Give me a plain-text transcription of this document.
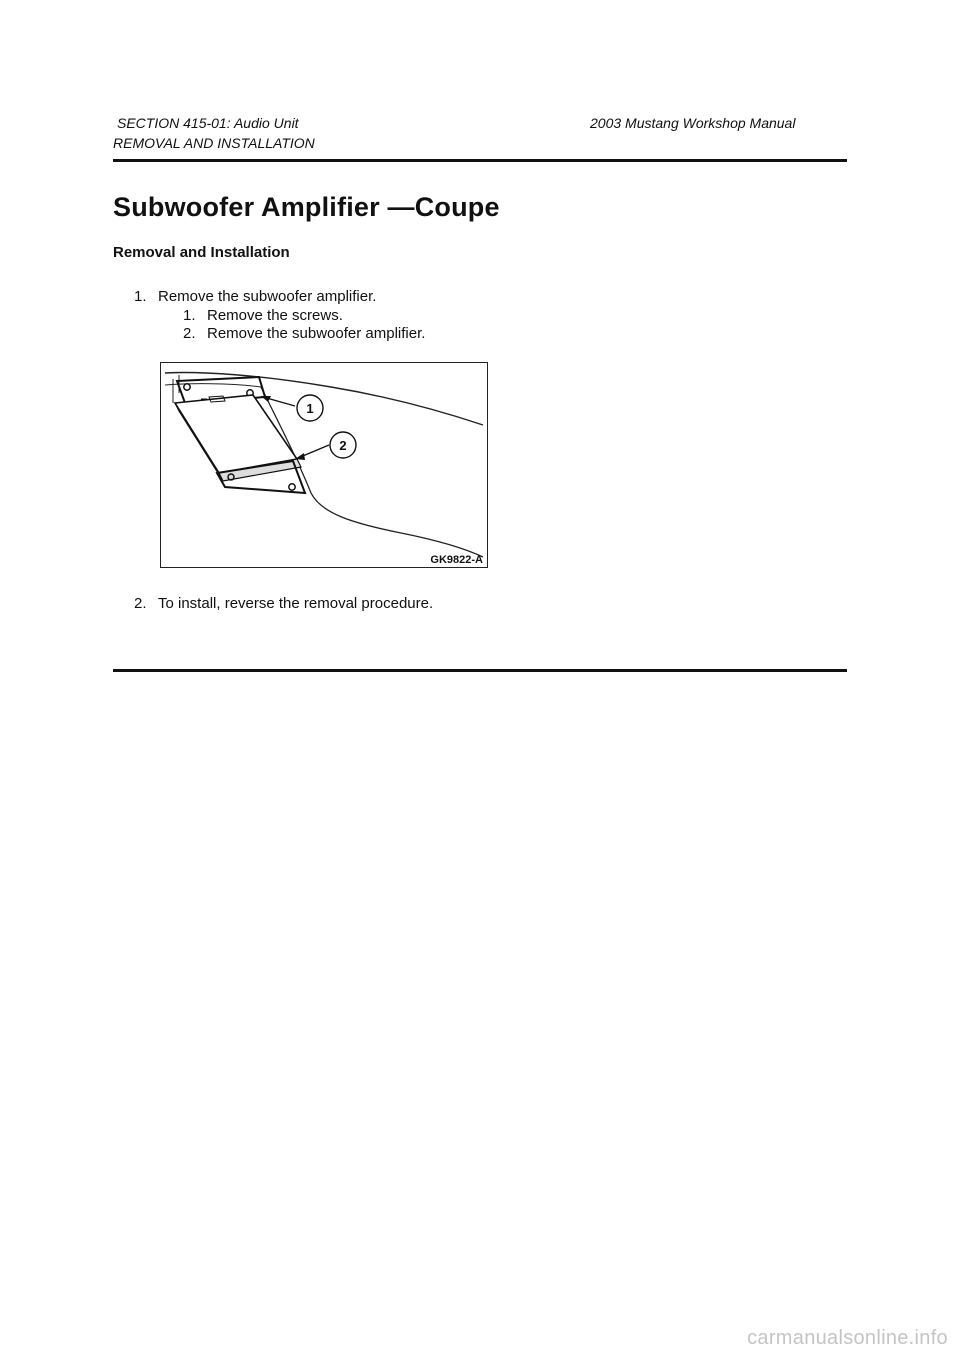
SECTION 415-01: Audio Unit	2003 Mustang Workshop Manual
REMOVAL AND INSTALLATION
Subwoofer Amplifier —Coupe
Removal and Installation
1. Remove the subwoofer amplifier.
1. Remove the screws.
2. Remove the subwoofer amplifier.
1
2
GK9822-A
2. To install, reverse the removal procedure.
carmanualsonline.info
